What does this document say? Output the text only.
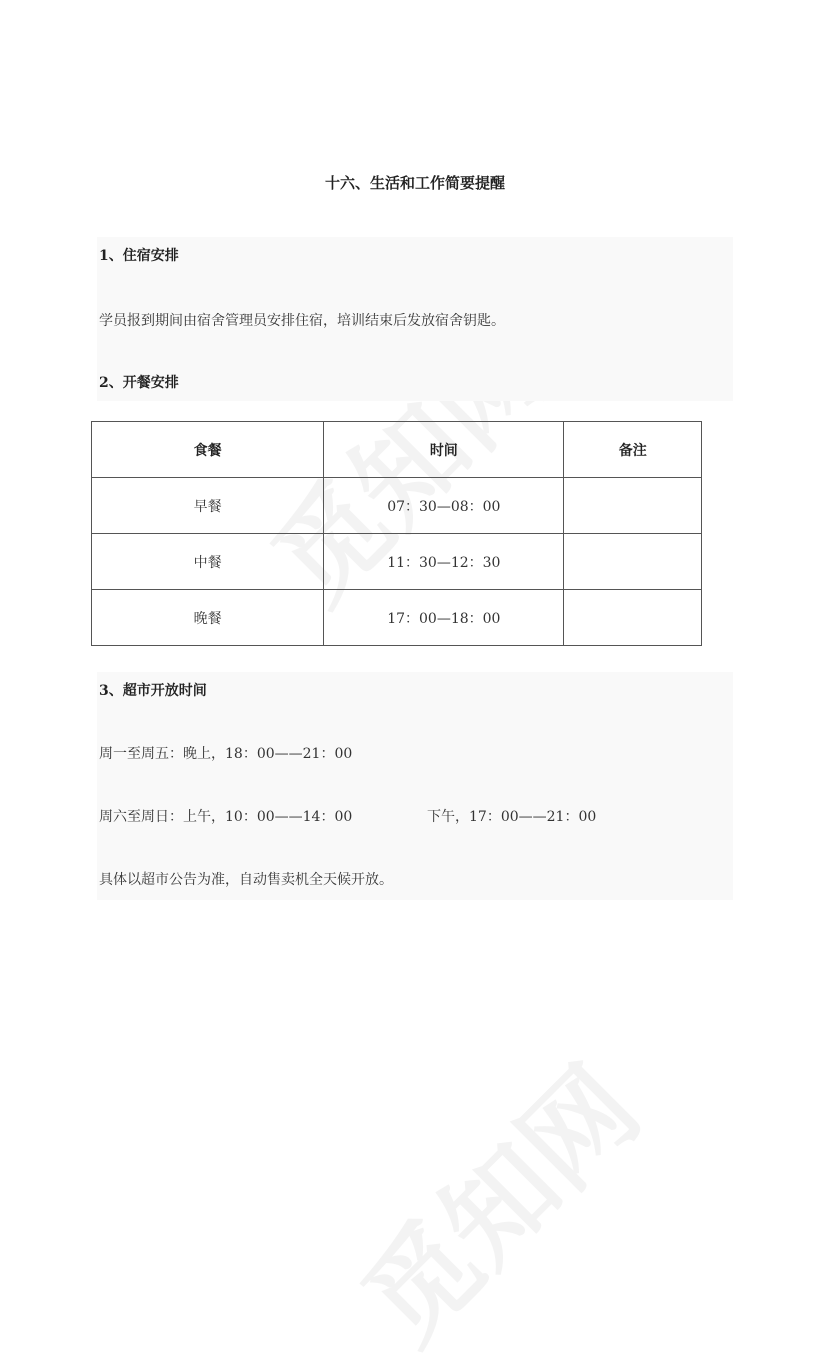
十六、生活和工作简要提醒
1、住宿安排
学员报到期间由宿舍管理员安排住宿，培训结束后发放宿舍钥匙。
2、开餐安排
食餐	时间	备注
早餐	07：30—08：00	
中餐	11：30—12：30	
晚餐	17：00—18：00	
3、超市开放时间
周一至周五：晚上，18：00——21：00
周六至周日：上午，10：00——14：00	下午，17：00——21：00
具体以超市公告为准，自动售卖机全天候开放。
